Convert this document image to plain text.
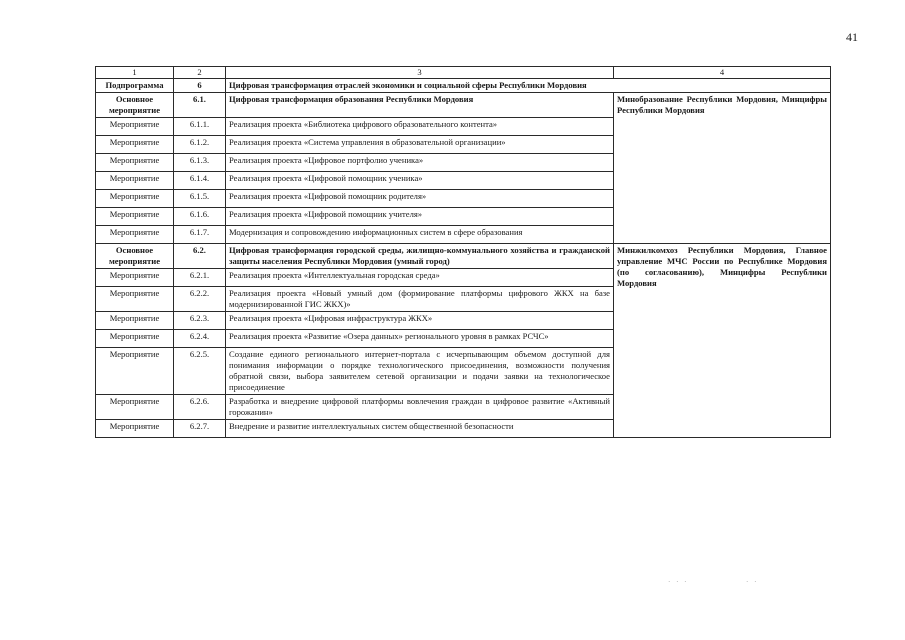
41
1	2	3	4
Подпрограмма	6	Цифровая трансформация отраслей экономики и социальной сферы Республики Мордовия	
Основное мероприятие	6.1.	Цифровая трансформация образования Республики Мордовия	Минобразование Республики Мордовия, Минцифры Республики Мордовия
Мероприятие	6.1.1.	Реализация проекта «Библиотека цифрового образовательного контента»	
Мероприятие	6.1.2.	Реализация проекта «Система управления в образовательной организации»	
Мероприятие	6.1.3.	Реализация проекта «Цифровое портфолио ученика»	
Мероприятие	6.1.4.	Реализация проекта «Цифровой помощник ученика»	
Мероприятие	6.1.5.	Реализация проекта «Цифровой помощник родителя»	
Мероприятие	6.1.6.	Реализация проекта «Цифровой помощник учителя»	
Мероприятие	6.1.7.	Модернизация и сопровождению информационных систем в сфере образования	
Основное мероприятие	6.2.	Цифровая трансформация городской среды, жилищно-коммунального хозяйства и гражданской защиты населения Республики Мордовия (умный город)	Минжилкомхоз Республики Мордовия, Главное управление МЧС России по Республике Мордовия (по согласованию), Минцифры Республики Мордовия
Мероприятие	6.2.1.	Реализация проекта «Интеллектуальная городская среда»	
Мероприятие	6.2.2.	Реализация проекта «Новый умный дом (формирование платформы цифрового ЖКХ на базе модернизированной ГИС ЖКХ)»	
Мероприятие	6.2.3.	Реализация проекта «Цифровая инфраструктура ЖКХ»	
Мероприятие	6.2.4.	Реализация проекта «Развитие «Озера данных» регионального уровня в рамках РСЧС»	
Мероприятие	6.2.5.	Создание единого регионального интернет-портала с исчерпывающим объемом доступной для понимания информации о порядке технологического присоединения, возможности получения обратной связи, выбора заявителем сетевой организации и подачи заявки на технологическое присоединение	
Мероприятие	6.2.6.	Разработка и внедрение цифровой платформы вовлечения граждан в цифровое развитие «Активный горожанин»	
Мероприятие	6.2.7.	Внедрение и развитие интеллектуальных систем общественной безопасности	
· · ·	· ·
